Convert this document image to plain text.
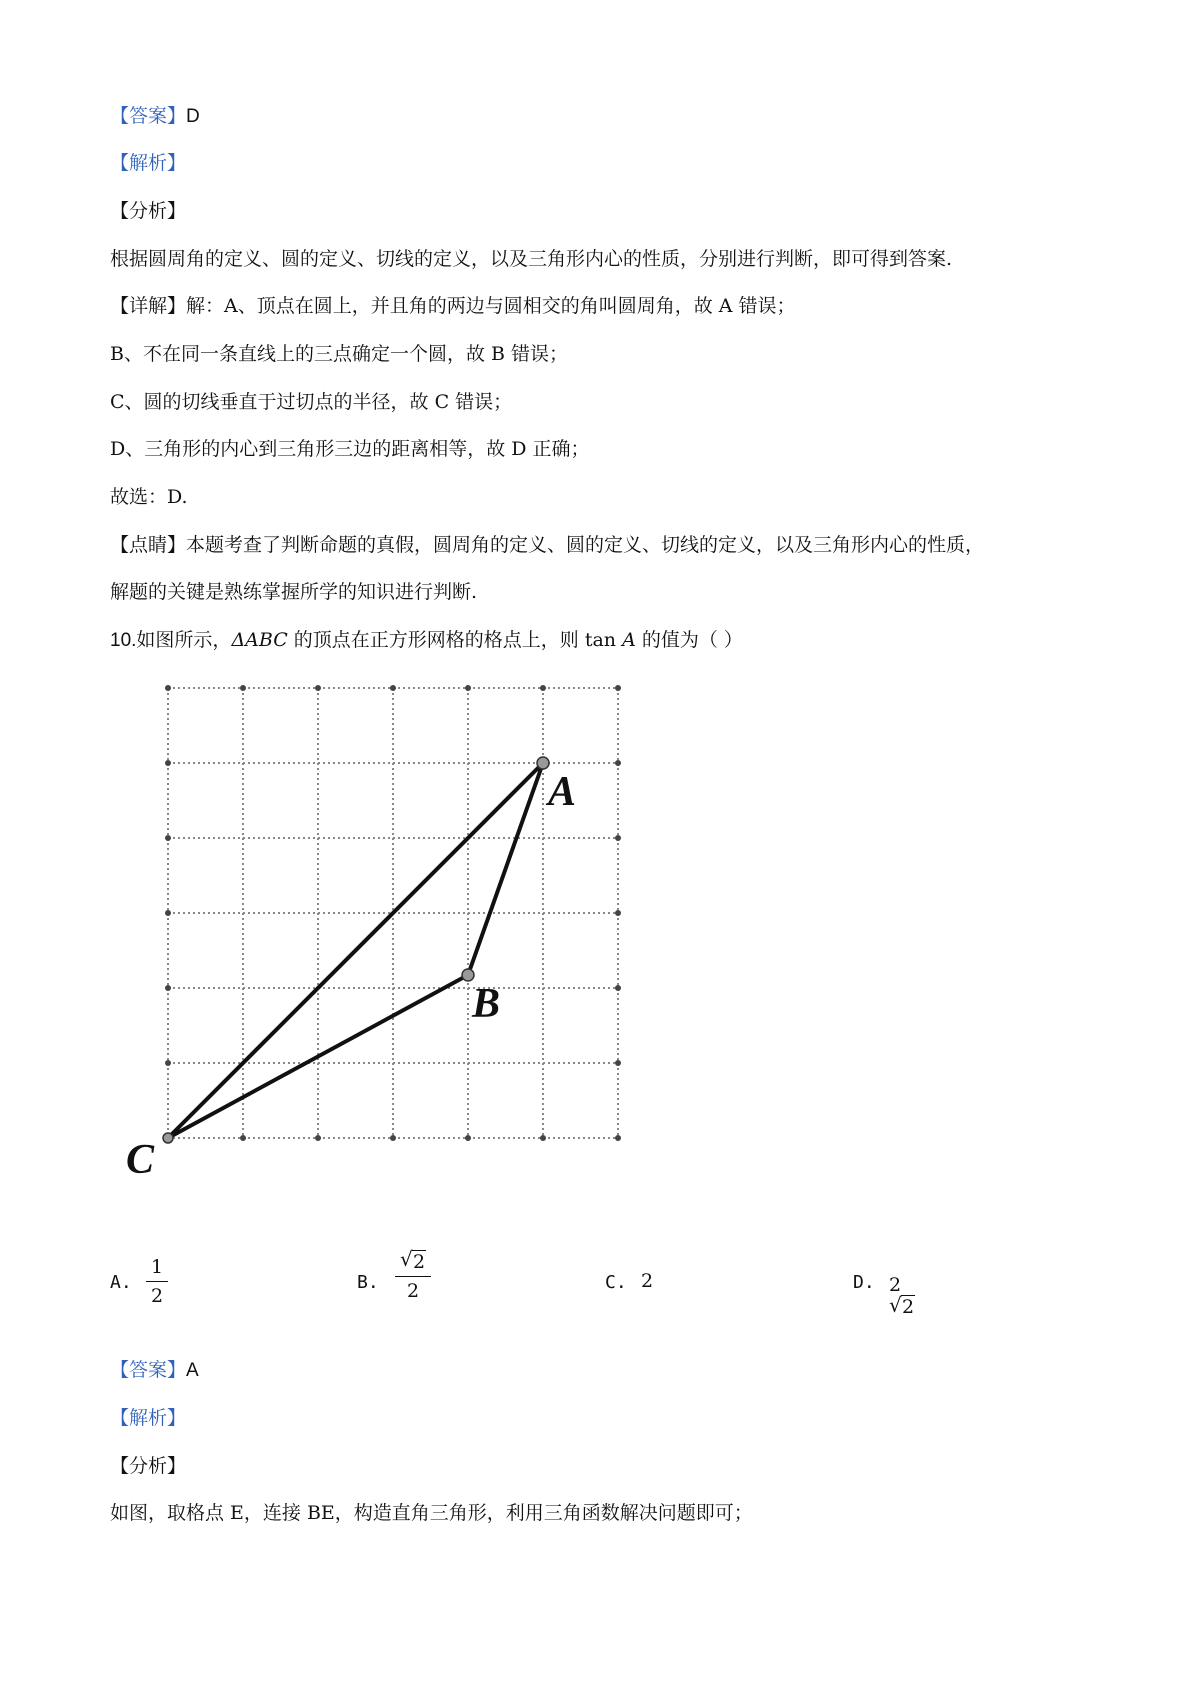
【答案】D
【解析】
【分析】
根据圆周角的定义、圆的定义、切线的定义，以及三角形内心的性质，分别进行判断，即可得到答案.
【详解】解：A、顶点在圆上，并且角的两边与圆相交的角叫圆周角，故 A 错误；
B、不在同一条直线上的三点确定一个圆，故 B 错误；
C、圆的切线垂直于过切点的半径，故 C 错误；
D、三角形的内心到三角形三边的距离相等，故 D 正确；
故选：D.
【点睛】本题考查了判断命题的真假，圆周角的定义、圆的定义、切线的定义，以及三角形内心的性质，
解题的关键是熟练掌握所学的知识进行判断.
10.如图所示，ΔABC 的顶点在正方形网格的格点上，则 tan A 的值为（ ）
A
B
C
A.
1
2
B.
√ 2
2	C. 2	D. 2√ 2
【答案】A
【解析】
【分析】
如图，取格点 E，连接 BE，构造直角三角形，利用三角函数解决问题即可；
